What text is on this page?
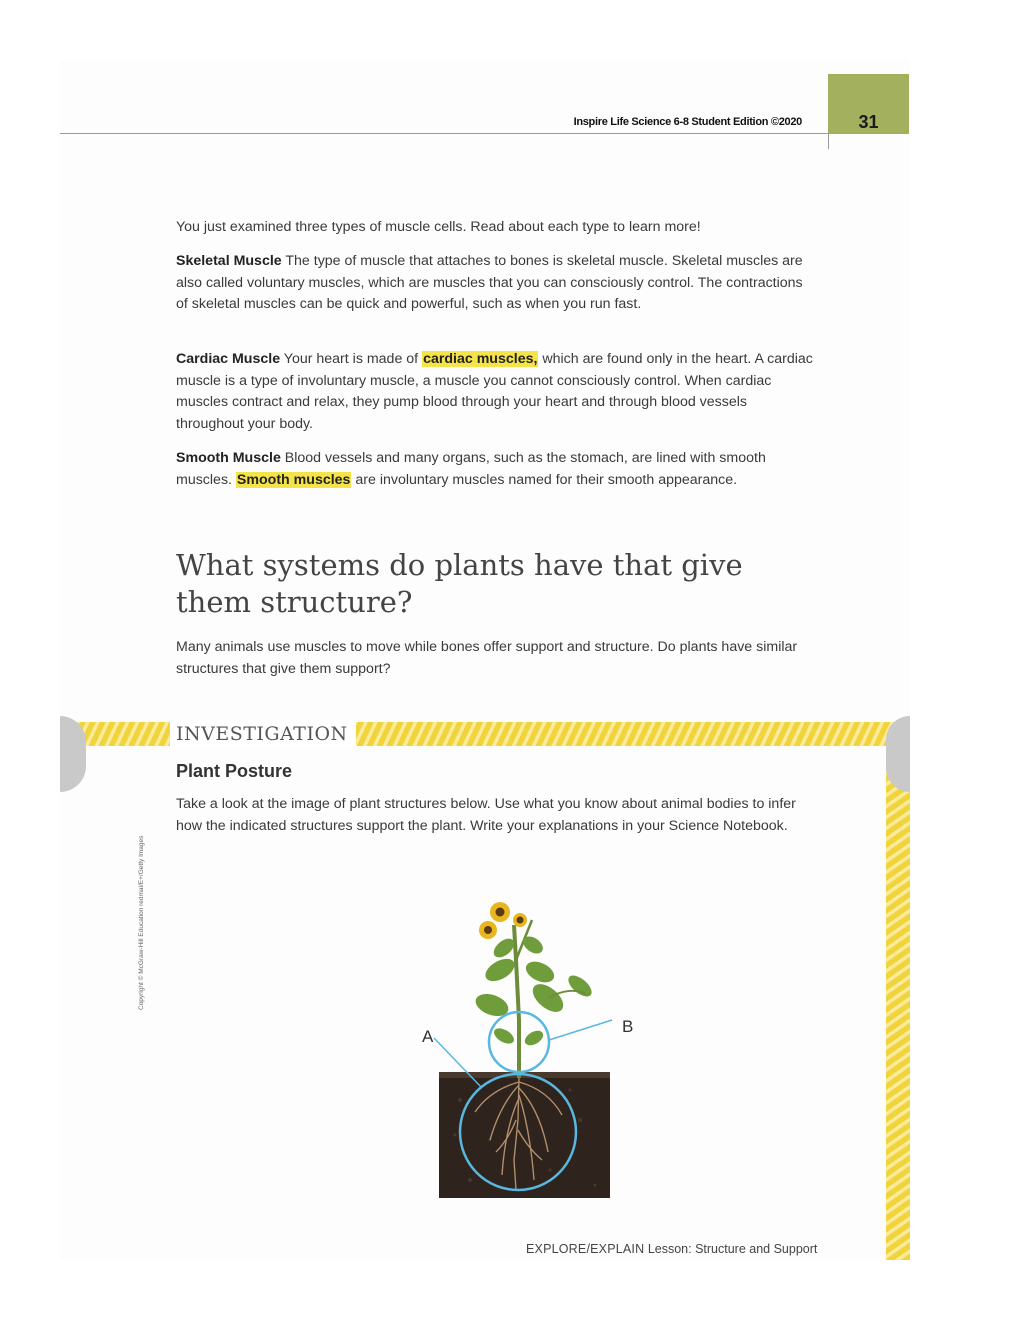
31
Inspire Life Science 6-8 Student Edition ©2020
You just examined three types of muscle cells. Read about each type to learn more!
Skeletal Muscle The type of muscle that attaches to bones is skeletal muscle. Skeletal muscles are also called voluntary muscles, which are muscles that you can consciously control. The contractions of skeletal muscles can be quick and powerful, such as when you run fast.
Cardiac Muscle Your heart is made of cardiac muscles, which are found only in the heart. A cardiac muscle is a type of involuntary muscle, a muscle you cannot consciously control. When cardiac muscles contract and relax, they pump blood through your heart and through blood vessels throughout your body.
Smooth Muscle Blood vessels and many organs, such as the stomach, are lined with smooth muscles. Smooth muscles are involuntary muscles named for their smooth appearance.
What systems do plants have that give them structure?
Many animals use muscles to move while bones offer support and structure. Do plants have similar structures that give them support?
INVESTIGATION
Plant Posture
Take a look at the image of plant structures below. Use what you know about animal bodies to infer how the indicated structures support the plant. Write your explanations in your Science Notebook.
Copyright © McGraw-Hill Education redmal/E+/Getty Images
A
B
EXPLORE/EXPLAIN Lesson: Structure and Support
